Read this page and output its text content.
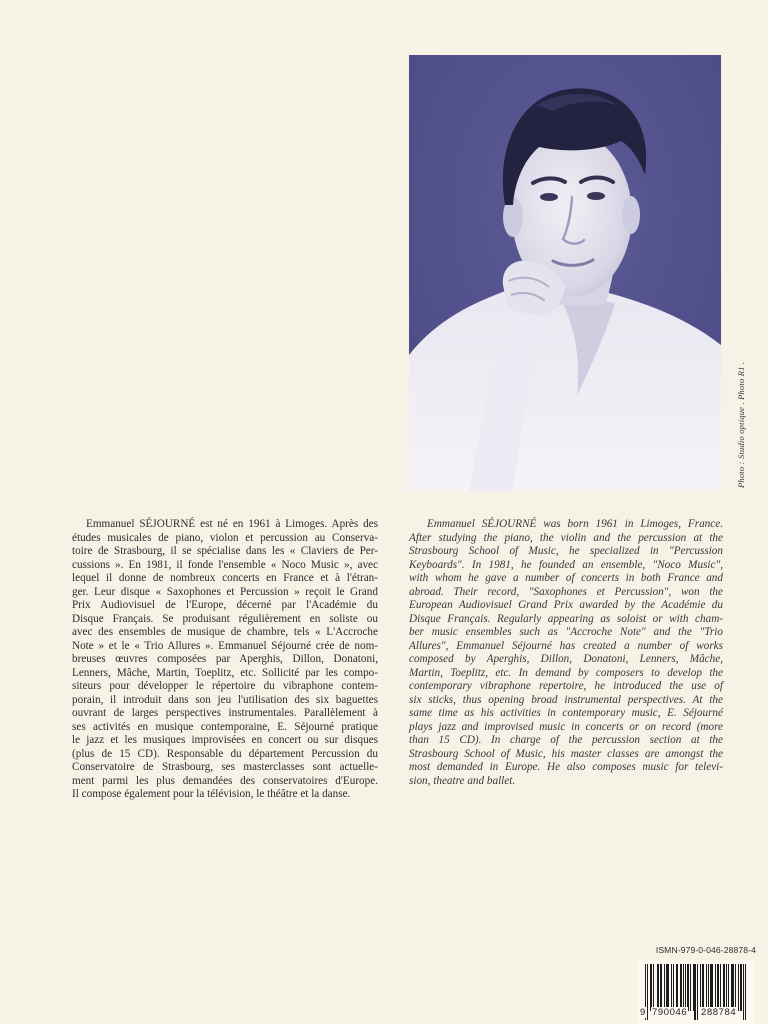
Photo : Studio optique . Photo R1 .
Emmanuel SÉJOURNÉ est né en 1961 à Limoges. Après des
études musicales de piano, violon et percussion au Conserva-
toire de Strasbourg, il se spécialise dans les « Claviers de Per-
cussions ». En 1981, il fonde l'ensemble « Noco Music », avec
lequel il donne de nombreux concerts en France et à l'étran-
ger. Leur disque « Saxophones et Percussion » reçoit le Grand
Prix Audiovisuel de l'Europe, décerné par l'Académie du
Disque Français. Se produisant régulièrement en soliste ou
avec des ensembles de musique de chambre, tels « L'Accroche
Note » et le « Trio Allures ». Emmanuel Séjourné crée de nom-
breuses œuvres composées par Aperghis, Dillon, Donatoni,
Lenners, Mâche, Martin, Toeplitz, etc. Sollicité par les compo-
siteurs pour développer le répertoire du vibraphone contem-
porain, il introduit dans son jeu l'utilisation des six baguettes
ouvrant de larges perspectives instrumentales. Parallèlement à
ses activités en musique contemporaine, E. Séjourné pratique
le jazz et les musiques improvisées en concert ou sur disques
(plus de 15 CD). Responsable du département Percussion du
Conservatoire de Strasbourg, ses masterclasses sont actuelle-
ment parmi les plus demandées des conservatoires d'Europe.
Il compose également pour la télévision, le théâtre et la danse.
Emmanuel SÉJOURNÉ was born 1961 in Limoges, France.
After studying the piano, the violin and the percussion at the
Strasbourg School of Music, he specialized in "Percussion
Keyboards". In 1981, he founded an ensemble, "Noco Music",
with whom he gave a number of concerts in both France and
abroad. Their record, "Saxophones et Percussion", won the
European Audiovisuel Grand Prix awarded by the Académie du
Disque Français. Regularly appearing as soloist or with cham-
ber music ensembles such as "Accroche Note" and the "Trio
Allures", Emmanuel Séjourné has created a number of works
composed by Aperghis, Dillon, Donatoni, Lenners, Mâche,
Martin, Toeplitz, etc. In demand by composers to develop the
contemporary vibraphone repertoire, he introduced the use of
six sticks, thus opening broad instrumental perspectives. At the
same time as his activities in contemporary music, E. Séjourné
plays jazz and improvised music in concerts or on record (more
than 15 CD). In charge of the percussion section at the
Strasbourg School of Music, his master classes are amongst the
most demanded in Europe. He also composes music for televi-
sion, theatre and ballet.
ISMN-979-0-046-28878-4
9 790046 288784
